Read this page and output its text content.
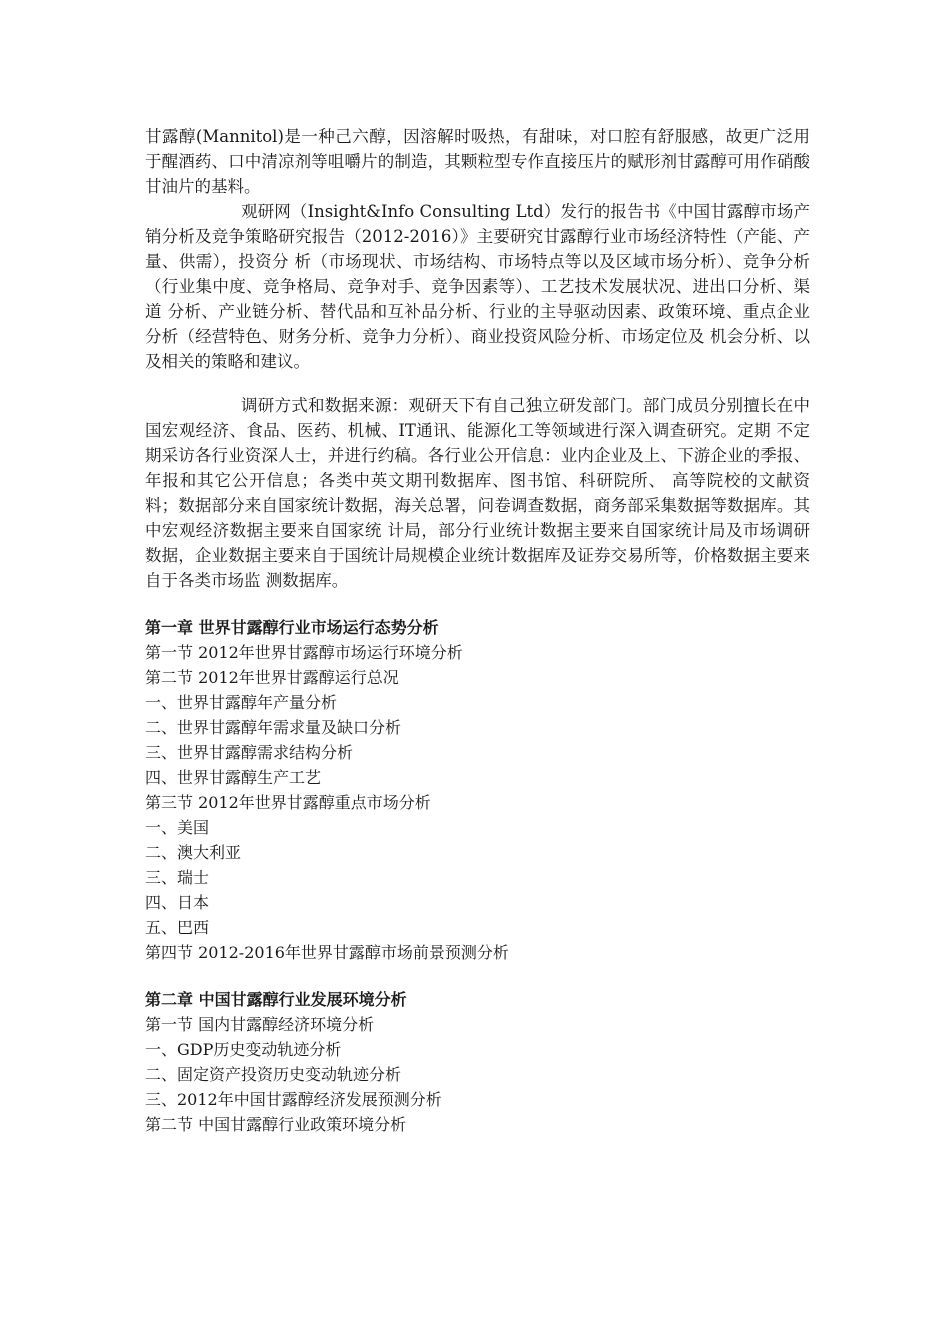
甘露醇(Mannitol)是一种己六醇，因溶解时吸热，有甜味，对口腔有舒服感，故更广泛用于醒酒药、口中清凉剂等咀嚼片的制造，其颗粒型专作直接压片的赋形剂甘露醇可用作硝酸甘油片的基料。

观研网（Insight&Info Consulting Ltd）发行的报告书《中国甘露醇市场产销分析及竞争策略研究报告（2012-2016）》主要研究甘露醇行业市场经济特性（产能、产量、供需），投资分 析（市场现状、市场结构、市场特点等以及区域市场分析）、竞争分析（行业集中度、竞争格局、竞争对手、竞争因素等）、工艺技术发展状况、进出口分析、渠道 分析、产业链分析、替代品和互补品分析、行业的主导驱动因素、政策环境、重点企业分析（经营特色、财务分析、竞争力分析）、商业投资风险分析、市场定位及 机会分析、以及相关的策略和建议。

调研方式和数据来源：观研天下有自己独立研发部门。部门成员分别擅长在中国宏观经济、食品、医药、机械、IT通讯、能源化工等领域进行深入调查研究。定期 不定期采访各行业资深人士，并进行约稿。各行业公开信息：业内企业及上、下游企业的季报、年报和其它公开信息；各类中英文期刊数据库、图书馆、科研院所、 高等院校的文献资料；数据部分来自国家统计数据，海关总署，问卷调查数据，商务部采集数据等数据库。其中宏观经济数据主要来自国家统 计局，部分行业统计数据主要来自国家统计局及市场调研数据，企业数据主要来自于国统计局规模企业统计数据库及证券交易所等，价格数据主要来自于各类市场监 测数据库。

第一章 世界甘露醇行业市场运行态势分析

第一节 2012年世界甘露醇市场运行环境分析

第二节 2012年世界甘露醇运行总况

一、世界甘露醇年产量分析

二、世界甘露醇年需求量及缺口分析

三、世界甘露醇需求结构分析

四、世界甘露醇生产工艺

第三节 2012年世界甘露醇重点市场分析

一、美国

二、澳大利亚

三、瑞士

四、日本

五、巴西

第四节 2012-2016年世界甘露醇市场前景预测分析

第二章 中国甘露醇行业发展环境分析

第一节 国内甘露醇经济环境分析

一、GDP历史变动轨迹分析

二、固定资产投资历史变动轨迹分析

三、2012年中国甘露醇经济发展预测分析

第二节 中国甘露醇行业政策环境分析
